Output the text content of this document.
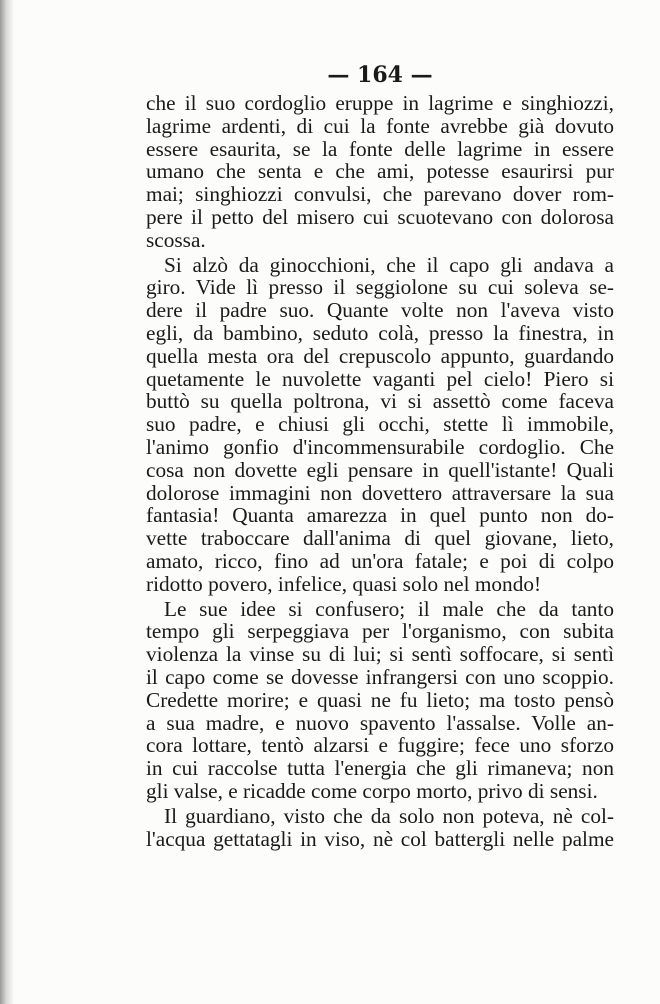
— 164 —
che il suo cordoglio eruppe in lagrime e singhiozzi,
lagrime ardenti, di cui la fonte avrebbe già dovuto
essere esaurita, se la fonte delle lagrime in essere
umano che senta e che ami, potesse esaurirsi pur
mai; singhiozzi convulsi, che parevano dover rom-
pere il petto del misero cui scuotevano con dolorosa
scossa.
Si alzò da ginocchioni, che il capo gli andava a
giro. Vide lì presso il seggiolone su cui soleva se-
dere il padre suo. Quante volte non l'aveva visto
egli, da bambino, seduto colà, presso la finestra, in
quella mesta ora del crepuscolo appunto, guardando
quetamente le nuvolette vaganti pel cielo! Piero si
buttò su quella poltrona, vi si assettò come faceva
suo padre, e chiusi gli occhi, stette lì immobile,
l'animo gonfio d'incommensurabile cordoglio. Che
cosa non dovette egli pensare in quell'istante! Quali
dolorose immagini non dovettero attraversare la sua
fantasia! Quanta amarezza in quel punto non do-
vette traboccare dall'anima di quel giovane, lieto,
amato, ricco, fino ad un'ora fatale; e poi di colpo
ridotto povero, infelice, quasi solo nel mondo!
Le sue idee si confusero; il male che da tanto
tempo gli serpeggiava per l'organismo, con subita
violenza la vinse su di lui; si sentì soffocare, si sentì
il capo come se dovesse infrangersi con uno scoppio.
Credette morire; e quasi ne fu lieto; ma tosto pensò
a sua madre, e nuovo spavento l'assalse. Volle an-
cora lottare, tentò alzarsi e fuggire; fece uno sforzo
in cui raccolse tutta l'energia che gli rimaneva; non
gli valse, e ricadde come corpo morto, privo di sensi.
Il guardiano, visto che da solo non poteva, nè col-
l'acqua gettatagli in viso, nè col battergli nelle palme
